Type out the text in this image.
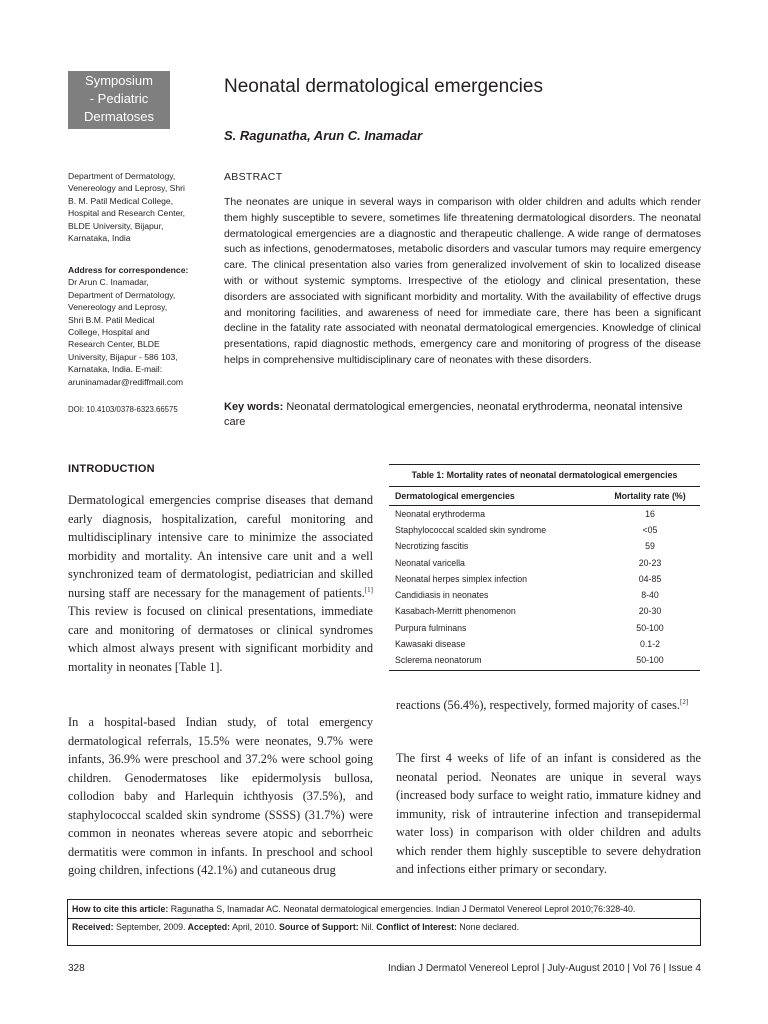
Symposium
- Pediatric
Dermatoses
Neonatal dermatological emergencies
S. Ragunatha, Arun C. Inamadar
Department of Dermatology,
Venereology and Leprosy, Shri
B. M. Patil Medical College,
Hospital and Research Center,
BLDE University, Bijapur,
Karnataka, India
Address for correspondence:
Dr Arun C. Inamadar,
Department of Dermatology,
Venereology and Leprosy,
Shri B.M. Patil Medical
College, Hospital and
Research Center, BLDE
University, Bijapur - 586 103,
Karnataka, India. E-mail:
aruninamadar@rediffmail.com
DOI: 10.4103/0378-6323.66575
ABSTRACT
The neonates are unique in several ways in comparison with older children and adults which render them highly susceptible to severe, sometimes life threatening dermatological disorders. The neonatal dermatological emergencies are a diagnostic and therapeutic challenge. A wide range of dermatoses such as infections, genodermatoses, metabolic disorders and vascular tumors may require emergency care. The clinical presentation also varies from generalized involvement of skin to localized disease with or without systemic symptoms. Irrespective of the etiology and clinical presentation, these disorders are associated with significant morbidity and mortality. With the availability of effective drugs and monitoring facilities, and awareness of need for immediate care, there has been a significant decline in the fatality rate associated with neonatal dermatological emergencies. Knowledge of clinical presentations, rapid diagnostic methods, emergency care and monitoring of progress of the disease helps in comprehensive multidisciplinary care of neonates with these disorders.
Key words: Neonatal dermatological emergencies, neonatal erythroderma, neonatal intensive care
INTRODUCTION
Dermatological emergencies comprise diseases that demand early diagnosis, hospitalization, careful monitoring and multidisciplinary intensive care to minimize the associated morbidity and mortality. An intensive care unit and a well synchronized team of dermatologist, pediatrician and skilled nursing staff are necessary for the management of patients.[1] This review is focused on clinical presentations, immediate care and monitoring of dermatoses or clinical syndromes which almost always present with significant morbidity and mortality in neonates [Table 1].
In a hospital-based Indian study, of total emergency dermatological referrals, 15.5% were neonates, 9.7% were infants, 36.9% were preschool and 37.2% were school going children. Genodermatoses like epidermolysis bullosa, collodion baby and Harlequin ichthyosis (37.5%), and staphylococcal scalded skin syndrome (SSSS) (31.7%) were common in neonates whereas severe atopic and seborrheic dermatitis were common in infants. In preschool and school going children, infections (42.1%) and cutaneous drug
Table 1: Mortality rates of neonatal dermatological emergencies
Dermatological emergencies	Mortality rate (%)
Neonatal erythroderma	16
Staphylococcal scalded skin syndrome	<05
Necrotizing fascitis	59
Neonatal varicella	20-23
Neonatal herpes simplex infection	04-85
Candidiasis in neonates	8-40
Kasabach-Merritt phenomenon	20-30
Purpura fulminans	50-100
Kawasaki disease	0.1-2
Sclerema neonatorum	50-100
reactions (56.4%), respectively, formed majority of cases.[2]
The first 4 weeks of life of an infant is considered as the neonatal period. Neonates are unique in several ways (increased body surface to weight ratio, immature kidney and immunity, risk of intrauterine infection and transepidermal water loss) in comparison with older children and adults which render them highly susceptible to severe dehydration and infections either primary or secondary.
How to cite this article: Ragunatha S, Inamadar AC. Neonatal dermatological emergencies. Indian J Dermatol Venereol Leprol 2010;76:328-40.
Received: September, 2009. Accepted: April, 2010. Source of Support: Nil. Conflict of Interest: None declared.
328	Indian J Dermatol Venereol Leprol | July-August 2010 | Vol 76 | Issue 4
